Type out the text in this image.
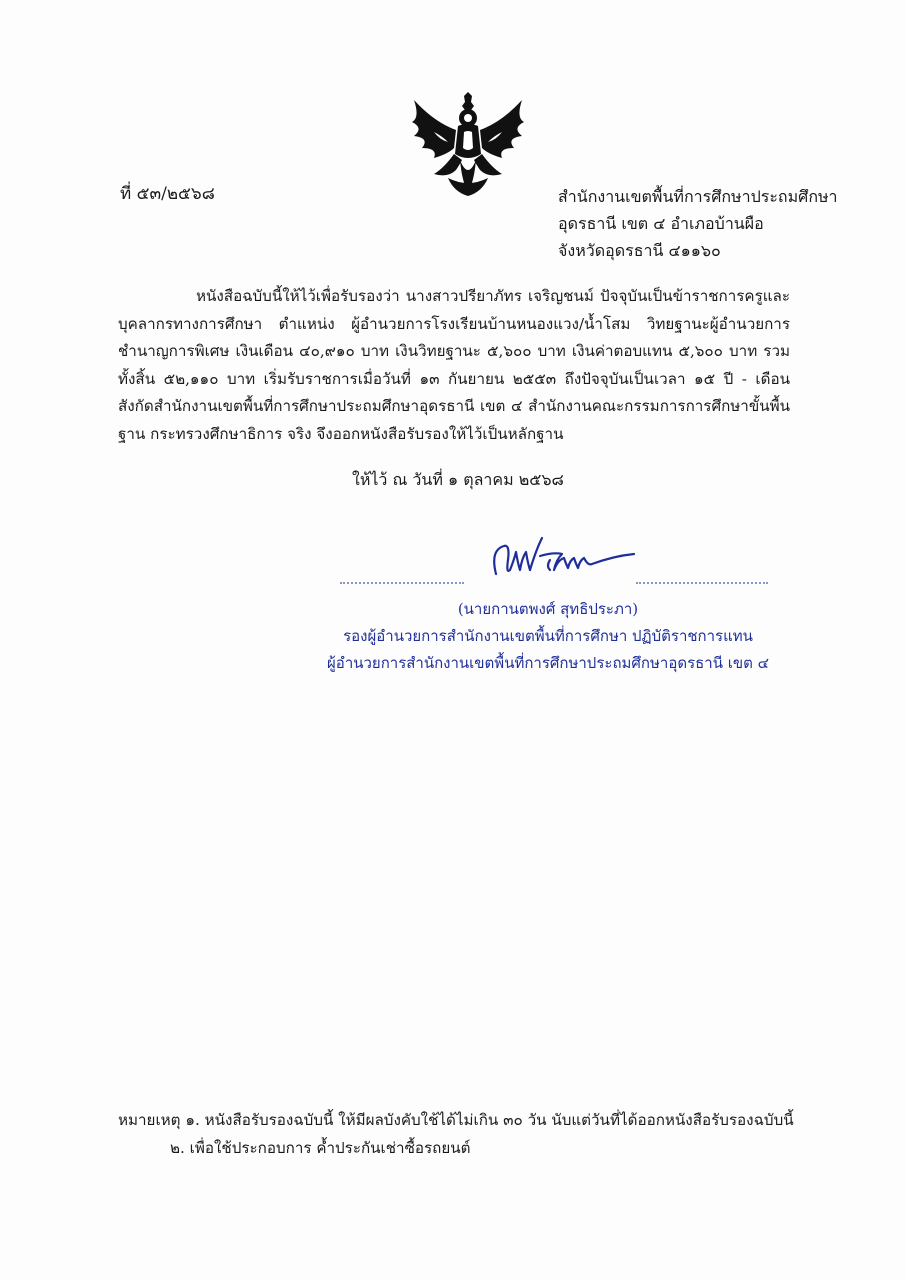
ที่ ๕๓/๒๕๖๘	สำนักงานเขตพื้นที่การศึกษาประถมศึกษา
อุดรธานี เขต ๔ อำเภอบ้านผือ
จังหวัดอุดรธานี ๔๑๑๖๐
หนังสือฉบับนี้ให้ไว้เพื่อรับรองว่า นางสาวปรียาภัทร เจริญชนม์ ปัจจุบันเป็นข้าราชการครูและบุคลากรทางการศึกษา ตำแหน่ง ผู้อำนวยการโรงเรียนบ้านหนองแวง/น้ำโสม วิทยฐานะผู้อำนวยการชำนาญการพิเศษ เงินเดือน ๔๐,๙๑๐ บาท เงินวิทยฐานะ ๕,๖๐๐ บาท เงินค่าตอบแทน ๕,๖๐๐ บาท รวมทั้งสิ้น ๕๒,๑๑๐ บาท เริ่มรับราชการเมื่อวันที่ ๑๓ กันยายน ๒๕๕๓ ถึงปัจจุบันเป็นเวลา ๑๕ ปี - เดือน สังกัดสำนักงานเขตพื้นที่การศึกษาประถมศึกษาอุดรธานี เขต ๔ สำนักงานคณะกรรมการการศึกษาขั้นพื้นฐาน กระทรวงศึกษาธิการ จริง จึงออกหนังสือรับรองให้ไว้เป็นหลักฐาน
ให้ไว้ ณ วันที่ ๑ ตุลาคม ๒๕๖๘
(นายกานตพงศ์ สุทธิประภา)
รองผู้อำนวยการสำนักงานเขตพื้นที่การศึกษา ปฏิบัติราชการแทน
ผู้อำนวยการสำนักงานเขตพื้นที่การศึกษาประถมศึกษาอุดรธานี เขต ๔
หมายเหตุ ๑. หนังสือรับรองฉบับนี้ ให้มีผลบังคับใช้ได้ไม่เกิน ๓๐ วัน นับแต่วันที่ได้ออกหนังสือรับรองฉบับนี้
๒. เพื่อใช้ประกอบการ ค้ำประกันเช่าซื้อรถยนต์
